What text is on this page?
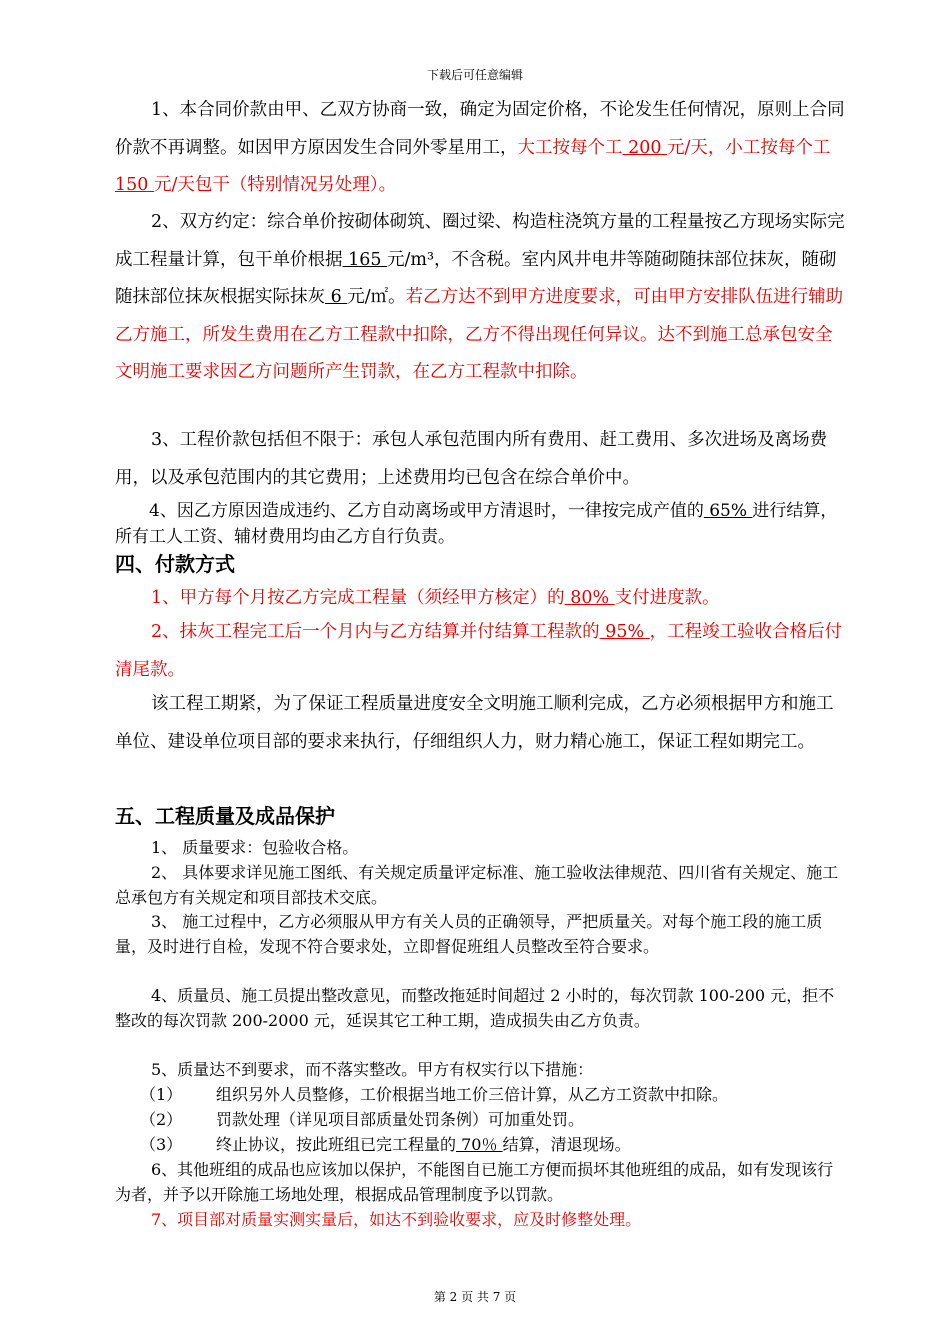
下载后可任意编辑

1、本合同价款由甲、乙双方协商一致，确定为固定价格，不论发生任何情况，原则上合同价款不再调整。如因甲方原因发生合同外零星用工，大工按每个工 200 元/天，小工按每个工 150 元/天包干（特别情况另处理）。

2、双方约定：综合单价按砌体砌筑、圈过梁、构造柱浇筑方量的工程量按乙方现场实际完成工程量计算，包干单价根据 165 元/m³，不含税。室内风井电井等随砌随抹部位抹灰，随砌随抹部位抹灰根据实际抹灰 6 元/㎡。若乙方达不到甲方进度要求，可由甲方安排队伍进行辅助乙方施工，所发生费用在乙方工程款中扣除，乙方不得出现任何异议。达不到施工总承包安全文明施工要求因乙方问题所产生罚款，在乙方工程款中扣除。

3、工程价款包括但不限于：承包人承包范围内所有费用、赶工费用、多次进场及离场费用，以及承包范围内的其它费用；上述费用均已包含在综合单价中。

4、因乙方原因造成违约、乙方自动离场或甲方清退时，一律按完成产值的 65% 进行结算，所有工人工资、辅材费用均由乙方自行负责。

四、付款方式

1、甲方每个月按乙方完成工程量（须经甲方核定）的 80% 支付进度款。

2、抹灰工程完工后一个月内与乙方结算并付结算工程款的 95% ，工程竣工验收合格后付清尾款。

该工程工期紧，为了保证工程质量进度安全文明施工顺利完成，乙方必须根据甲方和施工单位、建设单位项目部的要求来执行，仔细组织人力，财力精心施工，保证工程如期完工。

五、工程质量及成品保护

1、 质量要求：包验收合格。

2、 具体要求详见施工图纸、有关规定质量评定标准、施工验收法律规范、四川省有关规定、施工总承包方有关规定和项目部技术交底。

3、 施工过程中，乙方必须服从甲方有关人员的正确领导，严把质量关。对每个施工段的施工质量，及时进行自检，发现不符合要求处，立即督促班组人员整改至符合要求。

4、质量员、施工员提出整改意见，而整改拖延时间超过 2 小时的，每次罚款 100-200 元，拒不整改的每次罚款 200-2000 元，延误其它工种工期，造成损失由乙方负责。

5、质量达不到要求，而不落实整改。甲方有权实行以下措施：

（1） 组织另外人员整修，工价根据当地工价三倍计算，从乙方工资款中扣除。

（2） 罚款处理（详见项目部质量处罚条例）可加重处罚。

（3） 终止协议，按此班组已完工程量的 70％ 结算，清退现场。

6、其他班组的成品也应该加以保护，不能图自已施工方便而损坏其他班组的成品，如有发现该行为者，并予以开除施工场地处理，根据成品管理制度予以罚款。

7、项目部对质量实测实量后，如达不到验收要求，应及时修整处理。

第 2 页 共 7 页
